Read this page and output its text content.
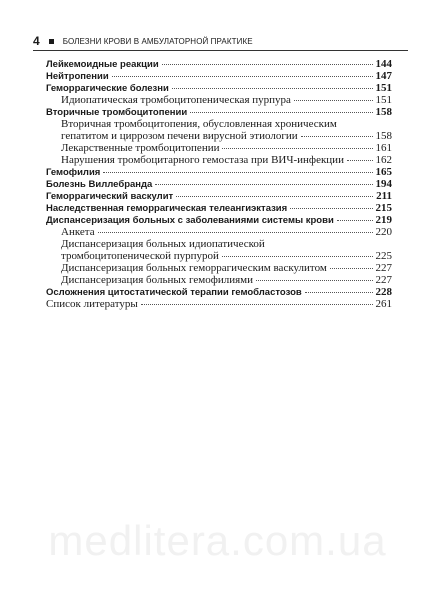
4	БОЛЕЗНИ КРОВИ В АМБУЛАТОРНОЙ ПРАКТИКЕ
Лейкемоидные реакции	144
Нейтропении	147
Геморрагические болезни	151
Идиопатическая тромбоцитопеническая пурпура	151
Вторичные тромбоцитопении	158
Вторичная тромбоцитопения, обусловленная хроническим
гепатитом и циррозом печени вирусной этиологии	158
Лекарственные тромбоцитопении	161
Нарушения тромбоцитарного гемостаза при ВИЧ-инфекции	162
Гемофилия	165
Болезнь Виллебранда	194
Геморрагический васкулит	211
Наследственная геморрагическая телеангиэктазия	215
Диспансеризация больных с заболеваниями системы крови	219
Анкета	220
Диспансеризация больных идиопатической
тромбоцитопенической пурпурой	225
Диспансеризация больных геморрагическим васкулитом	227
Диспансеризация больных гемофилиями	227
Осложнения цитостатической терапии гемобластозов	228
Список литературы	261
medlitera.com.ua
